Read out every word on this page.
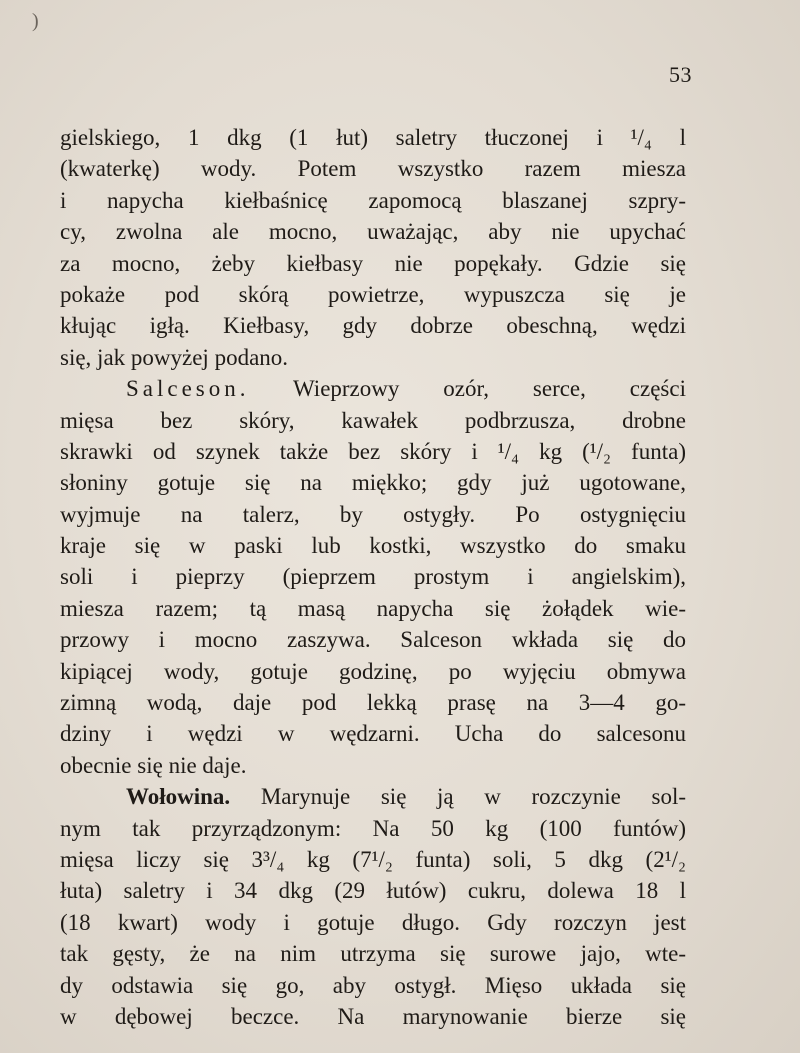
)
53
gielskiego, 1 dkg (1 łut) saletry tłuczonej i ¹/₄ l
(kwaterkę) wody. Potem wszystko razem miesza
i napycha kiełbaśnicę zapomocą blaszanej szpry-
cy, zwolna ale mocno, uważając, aby nie upychać
za mocno, żeby kiełbasy nie popękały. Gdzie się
pokaże pod skórą powietrze, wypuszcza się je
kłując igłą. Kiełbasy, gdy dobrze obeschną, wędzi
się, jak powyżej podano.
Salceson. Wieprzowy ozór, serce, części
mięsa bez skóry, kawałek podbrzusza, drobne
skrawki od szynek także bez skóry i ¹/₄ kg (¹/₂ funta)
słoniny gotuje się na miękko; gdy już ugotowane,
wyjmuje na talerz, by ostygły. Po ostygnięciu
kraje się w paski lub kostki, wszystko do smaku
soli i pieprzy (pieprzem prostym i angielskim),
miesza razem; tą masą napycha się żołądek wie-
przowy i mocno zaszywa. Salceson wkłada się do
kipiącej wody, gotuje godzinę, po wyjęciu obmywa
zimną wodą, daje pod lekką prasę na 3—4 go-
dziny i wędzi w wędzarni. Ucha do salcesonu
obecnie się nie daje.
Wołowina. Marynuje się ją w rozczynie sol-
nym tak przyrządzonym: Na 50 kg (100 funtów)
mięsa liczy się 3³/₄ kg (7¹/₂ funta) soli, 5 dkg (2¹/₂
łuta) saletry i 34 dkg (29 łutów) cukru, dolewa 18 l
(18 kwart) wody i gotuje długo. Gdy rozczyn jest
tak gęsty, że na nim utrzyma się surowe jajo, wte-
dy odstawia się go, aby ostygł. Mięso układa się
w dębowej beczce. Na marynowanie bierze się
